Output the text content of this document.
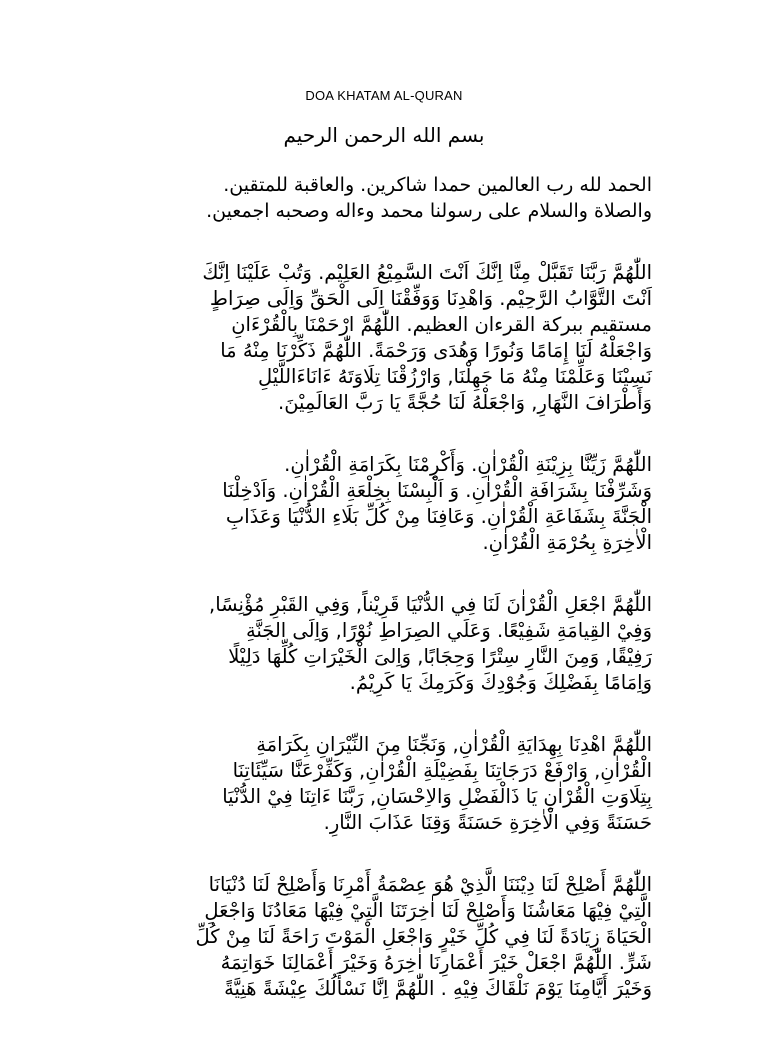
DOA KHATAM AL-QURAN
بسم الله الرحمن الرحيم
الحمد لله رب العالمين حمدا شاكرين. والعاقبة للمتقين.
والصلاة والسلام على رسولنا محمد وءاله وصحبه اجمعين.
اللّٰهُمَّ رَبَّنَا تَقَبَّلْ مِنَّا اِنَّكَ اَنْتَ السَّمِيْعُ العَلِيْم. وَتُبْ عَلَيْنَا اِنَّكَ
اَنْتَ التَّوَّابُ الرَّحِيْم. وَاهْدِنَا وَوَفِّقْنَا اِلَى الْحَقِّ وَاِلَى صِرَاطٍ
مستقيم ببركة القرءان العظيم. اللّٰهُمَّ ارْحَمْنَا بِالْقُرْءَانِ
وَاجْعَلْهُ لَنَا إِمَامًا وَنُورًا وَهُدَى وَرَحْمَةً. اللّٰهُمَّ ذَكِّرْنَا مِنْهُ مَا
نَسِيْنَا وَعَلِّمْنَا مِنْهُ مَا جَهِلْنَا, وَارْزُقْنَا تِلَاوَتَهُ ءَانَاءَاللَّيْلِ
وَأَطْرَافَ النَّهَارِ, وَاجْعَلْهُ لَنَا حُجَّةً يَا رَبَّ العَالَمِيْنَ.
اللّٰهُمَّ زَيِّنَّا بِزِيْنَةِ الْقُرْاٰنِ. وَأَكْرِمْنَا بِكَرَامَةِ الْقُرْاٰنِ.
وَشَرِّفْنَا بِشَرَافَةِ الْقُرْاٰنِ. وَ اَلْبِسْنَا بِخِلْعَةِ الْقُرْاٰنِ. وَاَدْخِلْنَا
الْجَنَّةَ بِشَفَاعَةِ الْقُرْاٰنِ. وَعَافِنَا مِنْ كُلِّ بَلَاءِ الدُّنْيَا وَعَذَابِ
الْاٰخِرَةِ بِحُرْمَةِ الْقُرْاٰنِ.
اللّٰهُمَّ اجْعَلِ الْقُرْاٰنَ لَنَا فِي الدُّنْيَا قَرِيْناً, وَفِي القَبْرِ مُؤْنِسًا,
وَفِيْ القِيامَةِ شَفِيْعًا. وَعَلَي الصِرَاطِ نُوْرًا, وَاِلَى الجَنَّةِ
رَفِيْقًا, وَمِنَ النَّارِ سِتْرًا وَحِجَابًا, وَاِلىَ الْخَيْرَاتِ كُلِّهَا دَلِيْلًا
وَاِمَامًا بِفَضْلِكَ وَجُوْدِكَ وَكَرَمِكَ يَا كَرِيْمُ.
اللّٰهُمَّ اهْدِنَا بِهِدَايَةِ الْقُرْاٰنِ, وَنَجِّنَا مِنَ النِّيْرَانِ بِكَرَامَةِ
الْقُرْاٰنِ, وَارْفَعْ دَرَجَاتِنَا بِفَضِيْلَةِ الْقُرْاٰنِ, وَكَفِّرْعَنَّا سَيِّئَاتِنَا
بِتِلَاوَتِ الْقُرْاٰنِ يَا ذَالْفَضْلِ وَالاِحْسَانِ, رَبَّنَا ءَاتِنَا فِيْ الدُّنْيَا
حَسَنَةً وَفِي الْاٰخِرَةِ حَسَنَةً وَقِنَا عَذَابَ النَّارِ.
اللّٰهُمَّ أَصْلِحْ لَنَا دِيْنَنَا الَّذِيْ هُوَ عِصْمَةُ أَمْرِنَا وَأَصْلِحْ لَنَا دُنْيَانَا
الَّتِيْ فِيْهَا مَعَاشُنَا وَأَصْلِحْ لَنَا اٰخِرَتَنَا الَّتِيْ فِيْهَا مَعَادُنَا وَاجْعَلِ
الْحَيَاةَ زِيَادَةً لَنَا فِي كُلِّ خَيْرٍ وَاجْعَلِ الْمَوْتَ رَاحَةً لَنَا مِنْ كُلِّ
شَرٍّ. اللّٰهُمَّ اجْعَلْ خَيْرَ أَعْمَارِنَا اٰخِرَهُ وَخَيْرَ أَعْمَالِنَا خَوَاتِمَهُ
وَخَيْرَ أَيَّامِنَا يَوْمَ نَلْقَاكَ فِيْهِ . اللّٰهُمَّ اِنَّا نَسْأَلُكَ عِيْشَةً هَنِيَّةً
